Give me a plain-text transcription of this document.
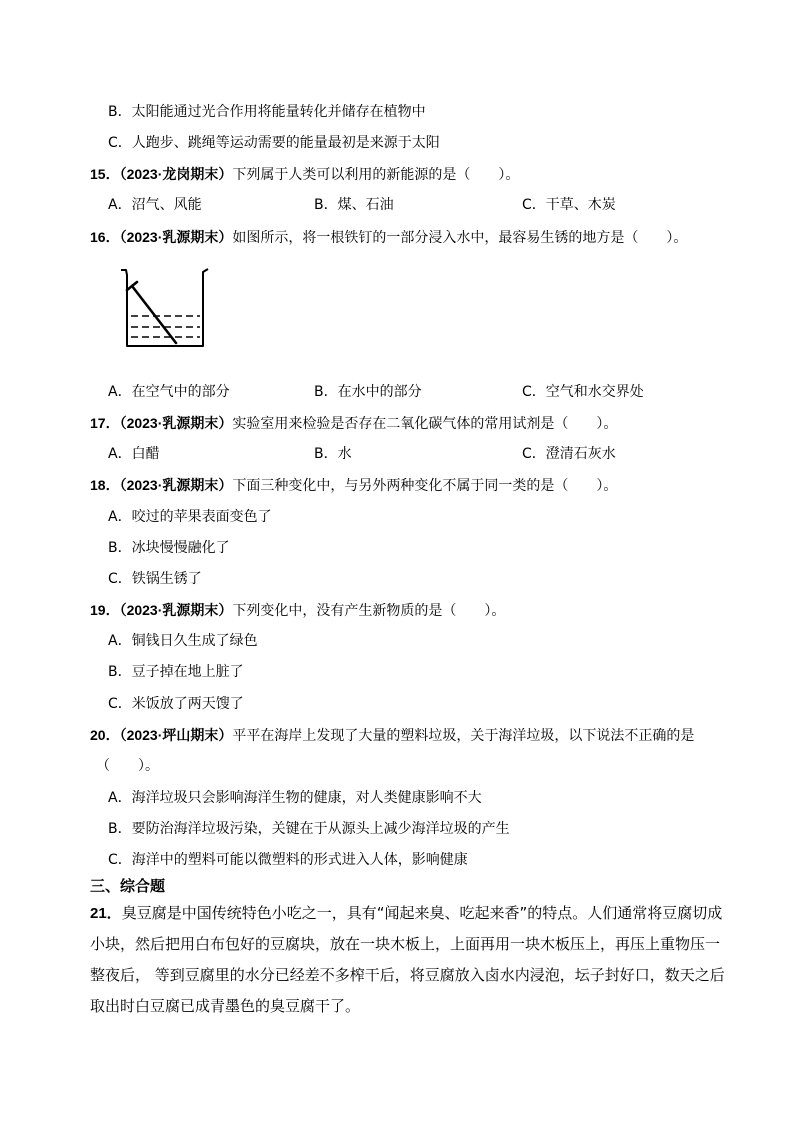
B．太阳能通过光合作用将能量转化并储存在植物中
C．人跑步、跳绳等运动需要的能量最初是来源于太阳
15．（2023·龙岗期末）下列属于人类可以利用的新能源的是（　　）。
A．沼气、风能	B．煤、石油	C．干草、木炭
16．（2023·乳源期末）如图所示，将一根铁钉的一部分浸入水中，最容易生锈的地方是（　　）。
A．在空气中的部分	B．在水中的部分	C．空气和水交界处
17．（2023·乳源期末）实验室用来检验是否存在二氧化碳气体的常用试剂是（　　）。
A．白醋	B．水	C．澄清石灰水
18．（2023·乳源期末）下面三种变化中，与另外两种变化不属于同一类的是（　　）。
A．咬过的苹果表面变色了
B．冰块慢慢融化了
C．铁锅生锈了
19．（2023·乳源期末）下列变化中，没有产生新物质的是（　　）。
A．铜钱日久生成了绿色
B．豆子掉在地上脏了
C．米饭放了两天馊了
20．（2023·坪山期末）平平在海岸上发现了大量的塑料垃圾，关于海洋垃圾，以下说法不正确的是
（　　）。
A．海洋垃圾只会影响海洋生物的健康，对人类健康影响不大
B．要防治海洋垃圾污染，关键在于从源头上减少海洋垃圾的产生
C．海洋中的塑料可能以微塑料的形式进入人体，影响健康
三、综合题
21．臭豆腐是中国传统特色小吃之一，具有“闻起来臭、吃起来香”的特点。人们通常将豆腐切成
小块，然后把用白布包好的豆腐块，放在一块木板上，上面再用一块木板压上，再压上重物压一
整夜后， 等到豆腐里的水分已经差不多榨干后，将豆腐放入卤水内浸泡，坛子封好口，数天之后
取出时白豆腐已成青墨色的臭豆腐干了。
